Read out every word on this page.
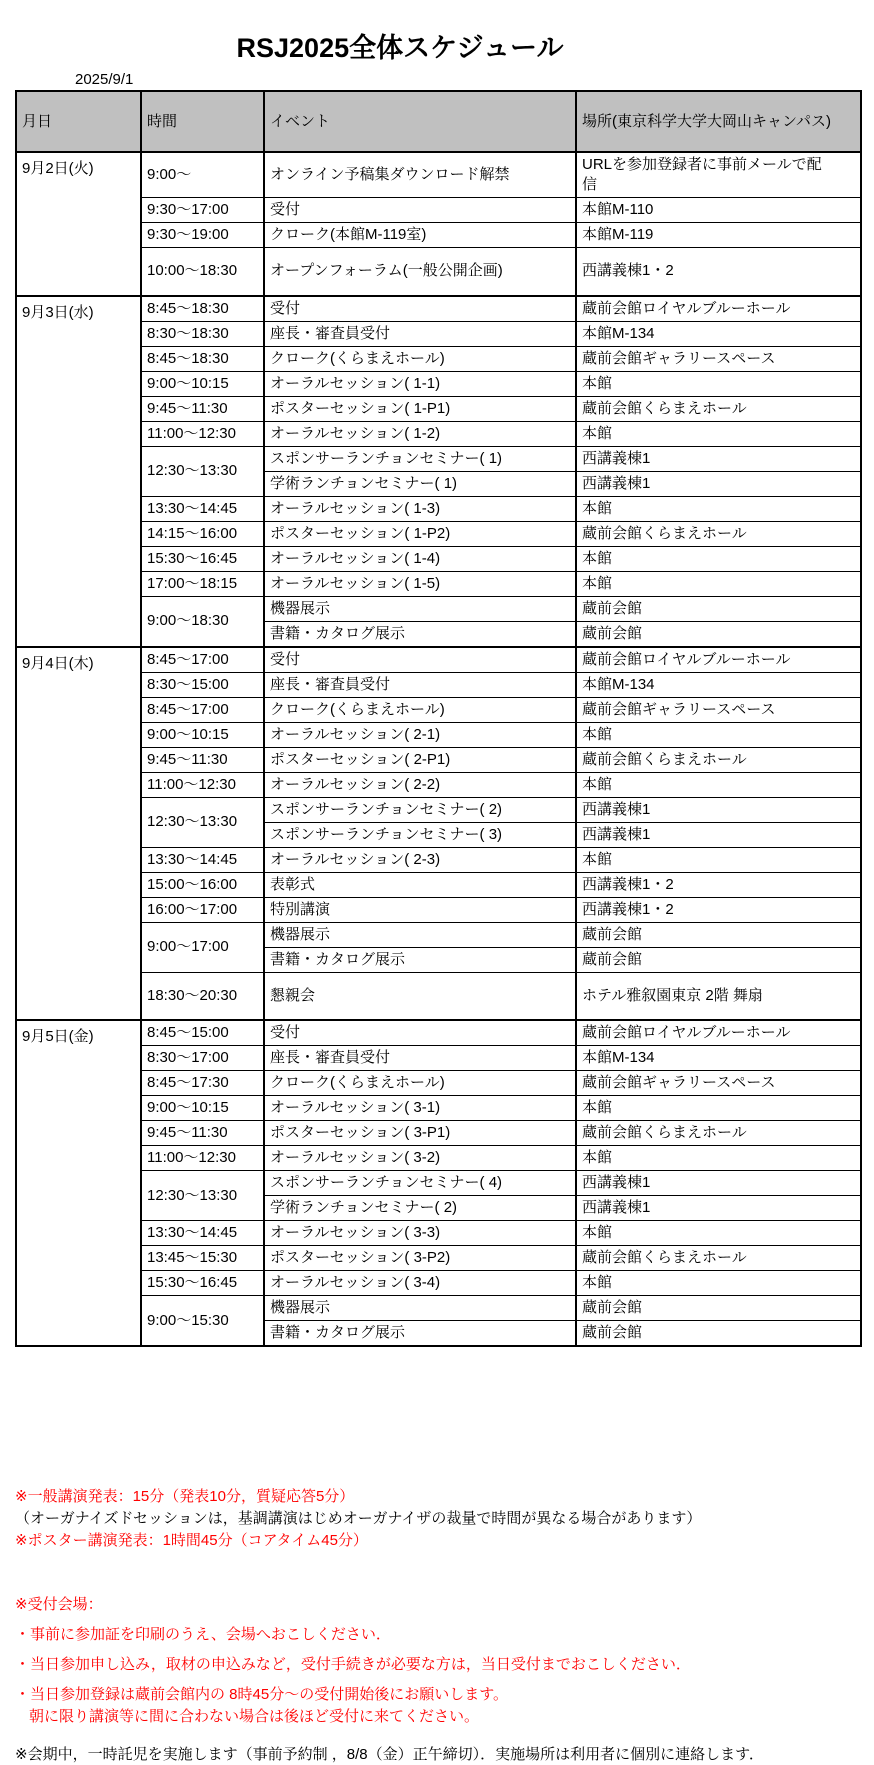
RSJ2025全体スケジュール
2025/9/1
月日	時間	イベント	場所(東京科学大学大岡山キャンパス)
9月2日(火)	9:00～	オンライン予稿集ダウンロード解禁	URLを参加登録者に事前メールで配信
	9:30～17:00	受付	本館M-110
	9:30～19:00	クローク(本館M-119室)	本館M-119
	10:00～18:30	オープンフォーラム(一般公開企画)	西講義棟1・2
9月3日(水)	8:45～18:30	受付	蔵前会館ロイヤルブルーホール
	8:30～18:30	座長・審査員受付	本館M-134
	8:45～18:30	クローク(くらまえホール)	蔵前会館ギャラリースペース
	9:00～10:15	オーラルセッション( 1-1)	本館
	9:45～11:30	ポスターセッション( 1-P1)	蔵前会館くらまえホール
	11:00～12:30	オーラルセッション( 1-2)	本館
	12:30～13:30	スポンサーランチョンセミナー( 1)	西講義棟1
		学術ランチョンセミナー( 1)	西講義棟1
	13:30～14:45	オーラルセッション( 1-3)	本館
	14:15～16:00	ポスターセッション( 1-P2)	蔵前会館くらまえホール
	15:30～16:45	オーラルセッション( 1-4)	本館
	17:00～18:15	オーラルセッション( 1-5)	本館
	9:00～18:30	機器展示	蔵前会館
		書籍・カタログ展示	蔵前会館
9月4日(木)	8:45～17:00	受付	蔵前会館ロイヤルブルーホール
	8:30～15:00	座長・審査員受付	本館M-134
	8:45～17:00	クローク(くらまえホール)	蔵前会館ギャラリースペース
	9:00～10:15	オーラルセッション( 2-1)	本館
	9:45～11:30	ポスターセッション( 2-P1)	蔵前会館くらまえホール
	11:00～12:30	オーラルセッション( 2-2)	本館
	12:30～13:30	スポンサーランチョンセミナー( 2)	西講義棟1
		スポンサーランチョンセミナー( 3)	西講義棟1
	13:30～14:45	オーラルセッション( 2-3)	本館
	15:00～16:00	表彰式	西講義棟1・2
	16:00～17:00	特別講演	西講義棟1・2
	9:00～17:00	機器展示	蔵前会館
		書籍・カタログ展示	蔵前会館
	18:30～20:30	懇親会	ホテル雅叙園東京 2階 舞扇
9月5日(金)	8:45～15:00	受付	蔵前会館ロイヤルブルーホール
	8:30～17:00	座長・審査員受付	本館M-134
	8:45～17:30	クローク(くらまえホール)	蔵前会館ギャラリースペース
	9:00～10:15	オーラルセッション( 3-1)	本館
	9:45～11:30	ポスターセッション( 3-P1)	蔵前会館くらまえホール
	11:00～12:30	オーラルセッション( 3-2)	本館
	12:30～13:30	スポンサーランチョンセミナー( 4)	西講義棟1
		学術ランチョンセミナー( 2)	西講義棟1
	13:30～14:45	オーラルセッション( 3-3)	本館
	13:45～15:30	ポスターセッション( 3-P2)	蔵前会館くらまえホール
	15:30～16:45	オーラルセッション( 3-4)	本館
	9:00～15:30	機器展示	蔵前会館
		書籍・カタログ展示	蔵前会館
※一般講演発表：15分（発表10分，質疑応答5分）
（オーガナイズドセッションは，基調講演はじめオーガナイザの裁量で時間が異なる場合があります）
※ポスター講演発表：1時間45分（コアタイム45分）
※受付会場：
・事前に参加証を印刷のうえ、会場へおこしください．
・当日参加申し込み，取材の申込みなど，受付手続きが必要な方は，当日受付までおこしください．
・当日参加登録は蔵前会館内の 8時45分～の受付開始後にお願いします。
朝に限り講演等に間に合わない場合は後ほど受付に来てください。
※会期中，一時託児を実施します（事前予約制 ，8/8（金）正午締切）．実施場所は利用者に個別に連絡します．
